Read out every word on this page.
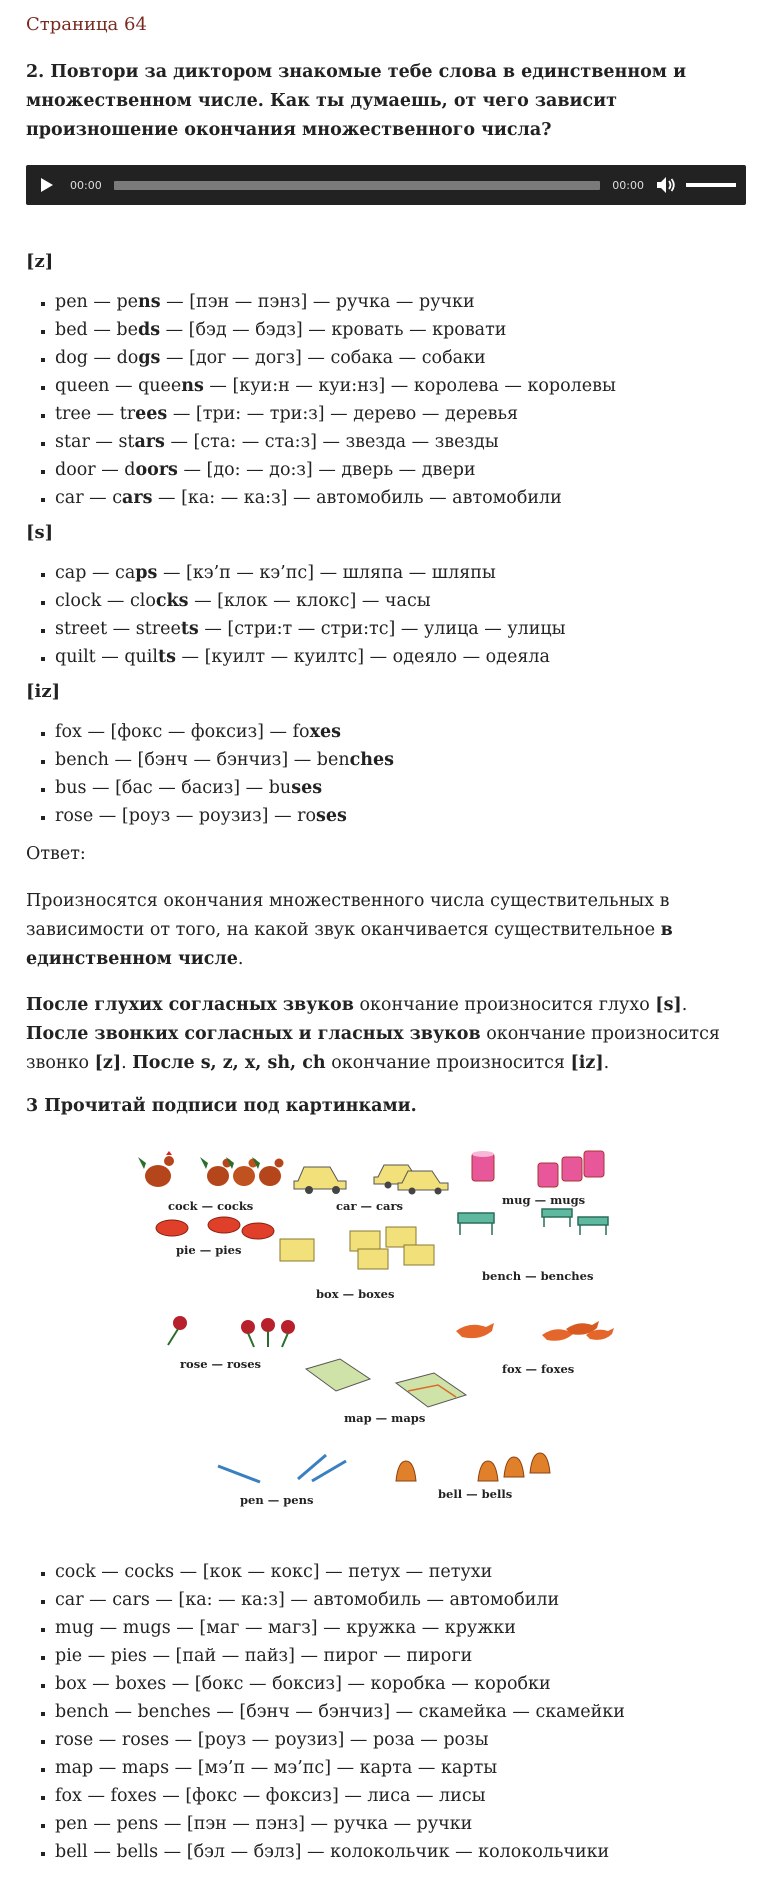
Страница 64
2. Повтори за диктором знакомые тебе слова в единственном и множественном числе. Как ты думаешь, от чего зависит произношение окончания множественного числа?
00:00	00:00
[z]
▪ pen — pens — [пэн — пэнз] — ручка — ручки
▪ bed — beds — [бэд — бэдз] — кровать — кровати
▪ dog — dogs — [дог — догз] — собака — собаки
▪ queen — queens — [куи:н — куи:нз] — королева — королевы
▪ tree — trees — [три: — три:з] — дерево — деревья
▪ star — stars — [ста: — ста:з] — звезда — звезды
▪ door — doors — [до: — до:з] — дверь — двери
▪ car — cars — [ка: — ка:з] — автомобиль — автомобили
[s]
▪ cap — caps — [кэ’п — кэ’пс] — шляпа — шляпы
▪ clock — clocks — [клок — клокс] — часы
▪ street — streets — [стри:т — стри:тс] — улица — улицы
▪ quilt — quilts — [куилт — куилтс] — одеяло — одеяла
[iz]
▪ fox — [фокс — фоксиз] — foxes
▪ bench — [бэнч — бэнчиз] — benches
▪ bus — [бас — басиз] — buses
▪ rose — [роуз — роузиз] — roses

Ответ:

Произносятся окончания множественного числа существительных в зависимости от того, на какой звук оканчивается существительное в единственном числе.

После глухих согласных звуков окончание произносится глухо [s]. После звонких согласных и гласных звуков окончание произносится звонко [z]. После s, z, x, sh, ch окончание произносится [iz].

3 Прочитай подписи под картинками.
cock — cocks	car — cars	mug — mugs
pie — pies
box — boxes
bench — benches
rose — roses	fox — foxes
map — maps
pen — pens	bell — bells
▪ cock — cocks — [кок — кокс] — петух — петухи
▪ car — cars — [ка: — ка:з] — автомобиль — автомобили
▪ mug — mugs — [маг — магз] — кружка — кружки
▪ pie — pies — [пай — пайз] — пирог — пироги
▪ box — boxes — [бокс — боксиз] — коробка — коробки
▪ bench — benches — [бэнч — бэнчиз] — скамейка — скамейки
▪ rose — roses — [роуз — роузиз] — роза — розы
▪ map — maps — [мэ’п — мэ’пс] — карта — карты
▪ fox — foxes — [фокс — фоксиз] — лиса — лисы
▪ pen — pens — [пэн — пэнз] — ручка — ручки
▪ bell — bells — [бэл — бэлз] — колокольчик — колокольчики
